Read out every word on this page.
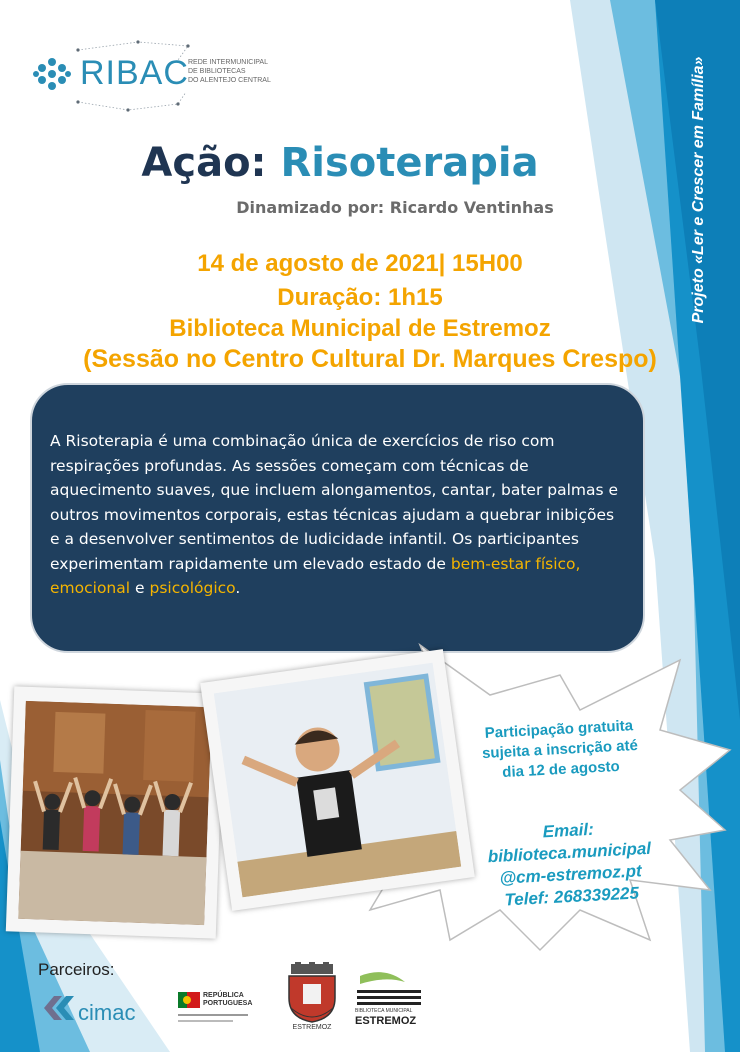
RIBAC REDE INTERMUNICIPAL
DE BIBLIOTECAS
DO ALENTEJO CENTRAL
Ação: Risoterapia
Dinamizado por: Ricardo Ventinhas
14 de agosto de 2021| 15H00
Duração: 1h15
Biblioteca Municipal de Estremoz
(Sessão no Centro Cultural Dr. Marques Crespo)
Projeto «Ler e Crescer em Família»
A Risoterapia é uma combinação única de exercícios de riso com respirações profundas. As sessões começam com técnicas de aquecimento suaves, que incluem alongamentos, cantar, bater palmas e outros movimentos corporais, estas técnicas ajudam a quebrar inibições e a desenvolver sentimentos de ludicidade infantil. Os participantes experimentam rapidamente um elevado estado de bem-estar físico, emocional e psicológico.
Participação gratuita
sujeita a inscrição até
dia 12 de agosto
Email:
biblioteca.municipal
@cm-estremoz.pt
Telef: 268339225
Parceiros:
cimac
REPÚBLICA
PORTUGUESA
ESTREMOZ
BIBLIOTECA MUNICIPAL
ESTREMOZ
